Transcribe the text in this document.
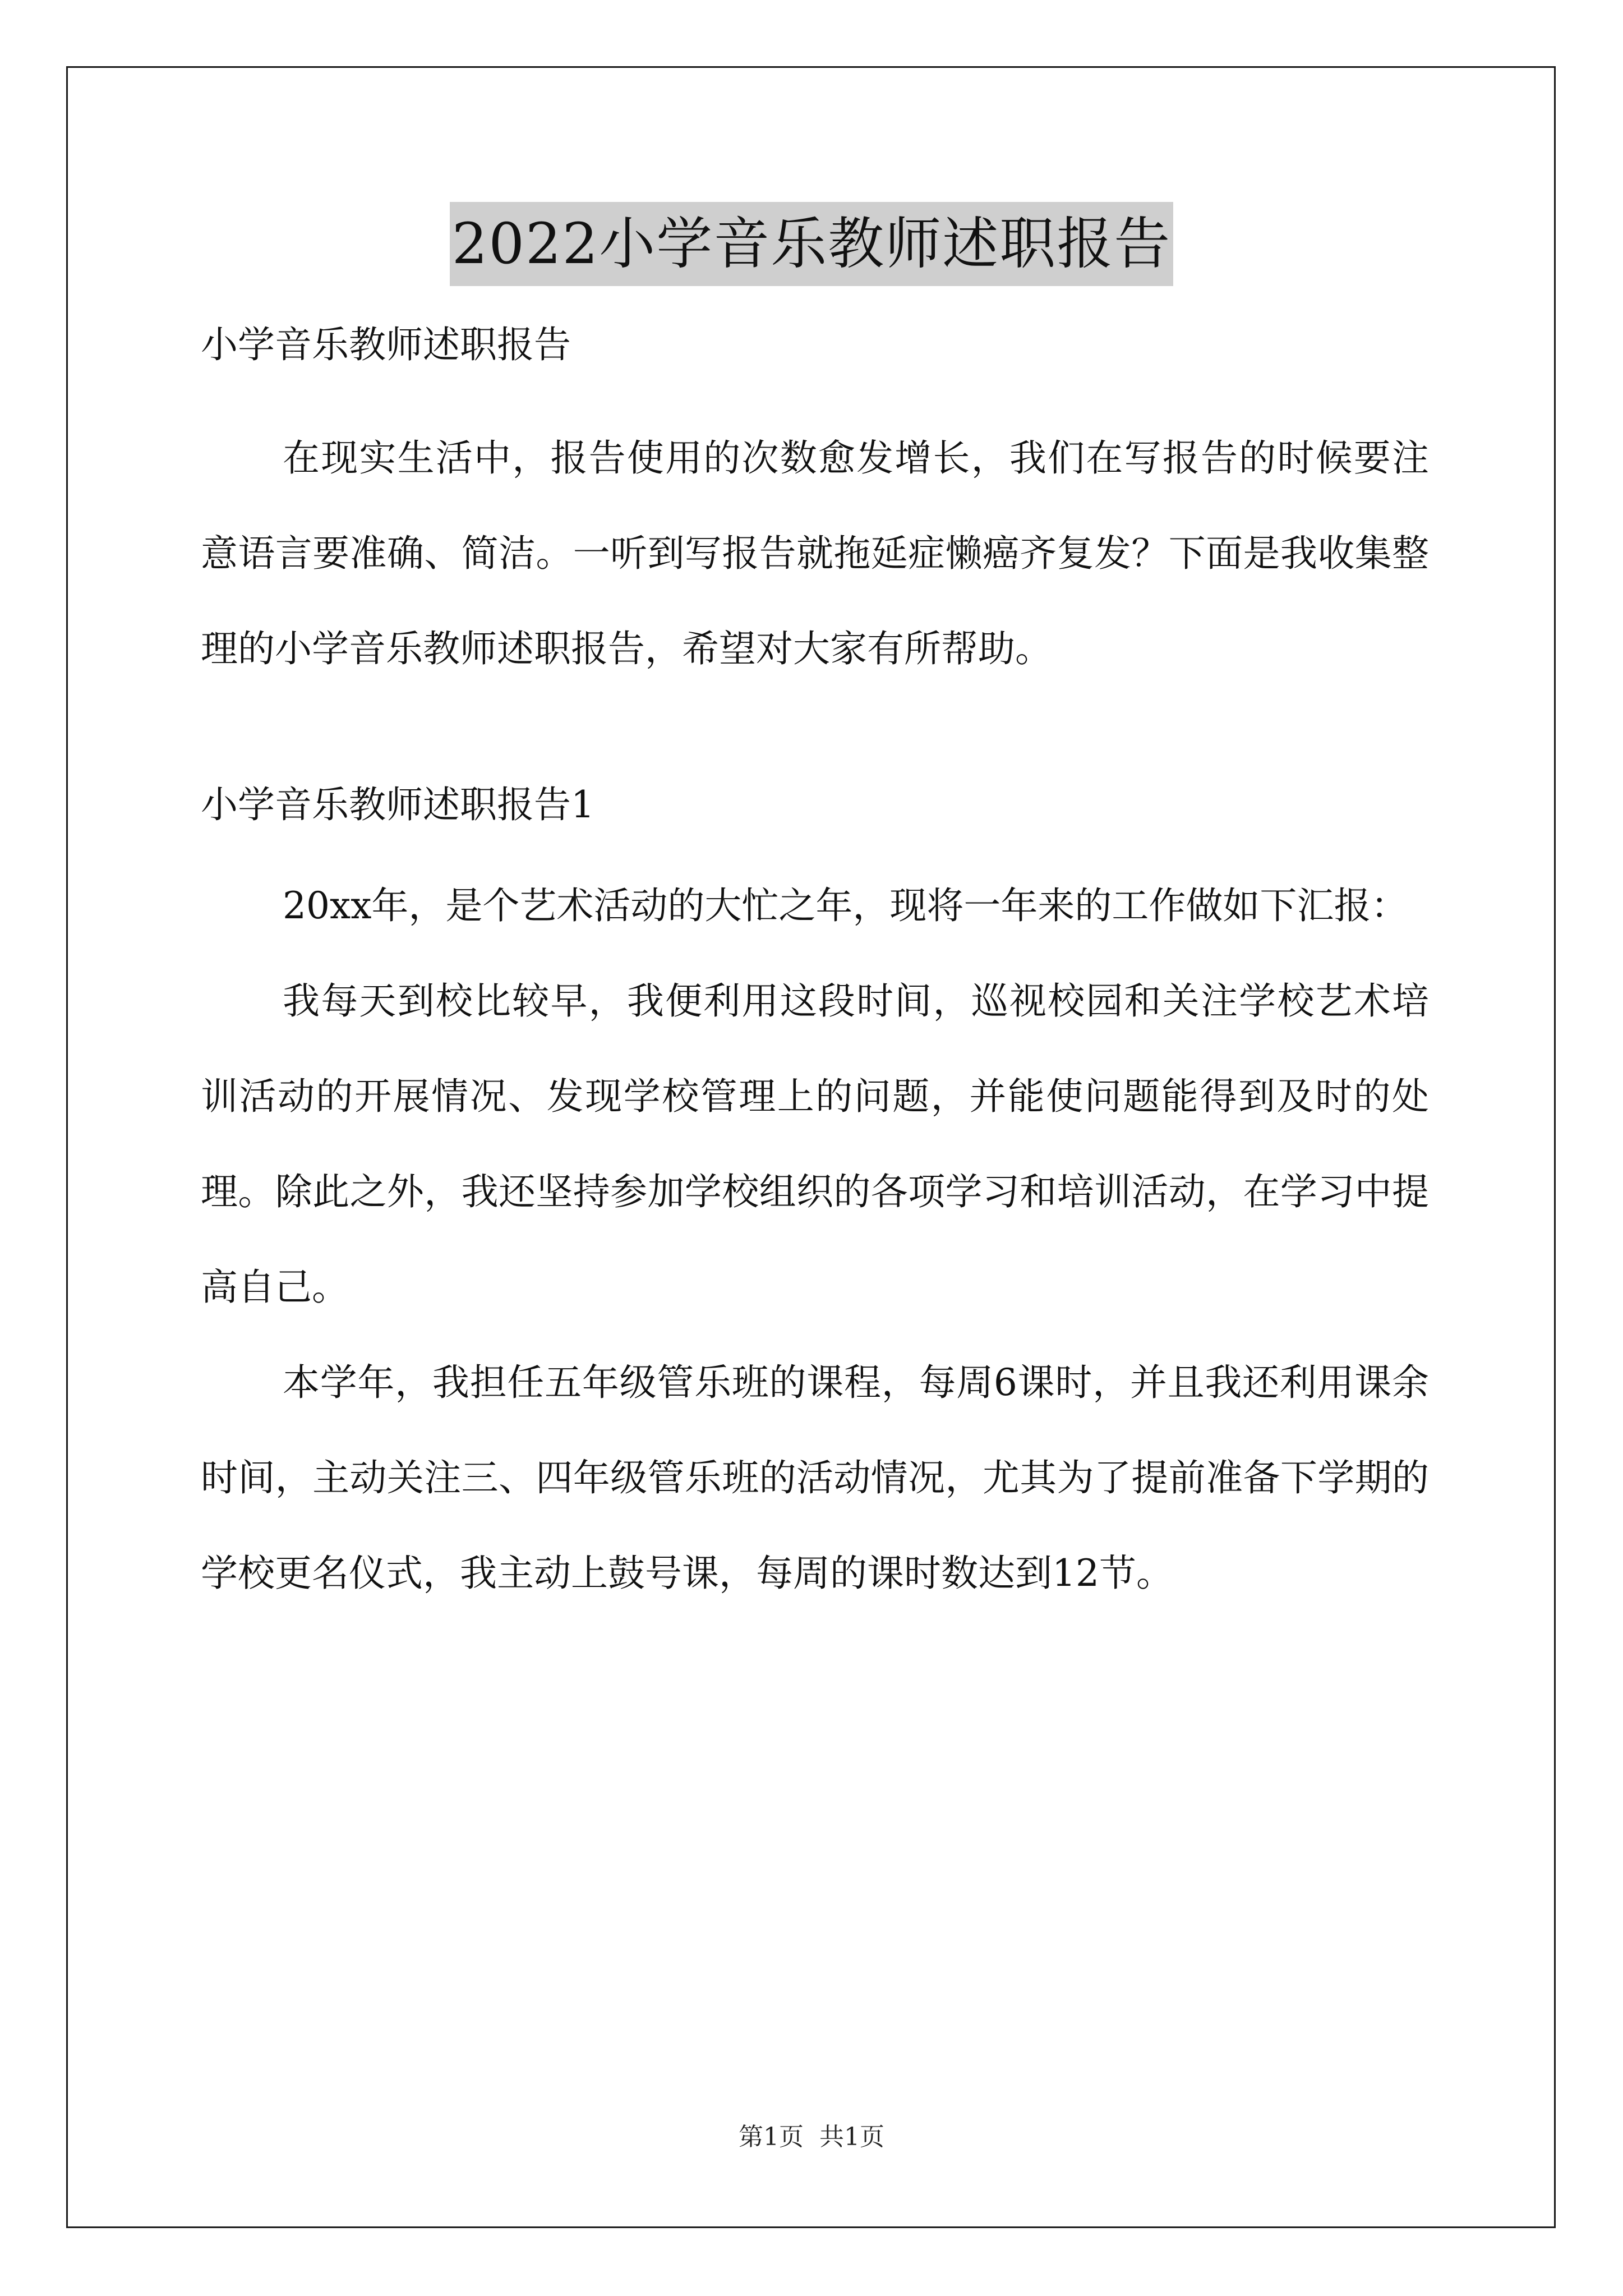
2022小学音乐教师述职报告

小学音乐教师述职报告

在现实生活中，报告使用的次数愈发增长，我们在写报告的时候要注意语言要准确、简洁。一听到写报告就拖延症懒癌齐复发？下面是我收集整理的小学音乐教师述职报告，希望对大家有所帮助。

小学音乐教师述职报告1

20xx年，是个艺术活动的大忙之年，现将一年来的工作做如下汇报：

我每天到校比较早，我便利用这段时间，巡视校园和关注学校艺术培训活动的开展情况、发现学校管理上的问题，并能使问题能得到及时的处理。除此之外，我还坚持参加学校组织的各项学习和培训活动，在学习中提高自己。

本学年，我担任五年级管乐班的课程，每周6课时，并且我还利用课余时间，主动关注三、四年级管乐班的活动情况，尤其为了提前准备下学期的学校更名仪式，我主动上鼓号课，每周的课时数达到12节。

第1页 共1页
